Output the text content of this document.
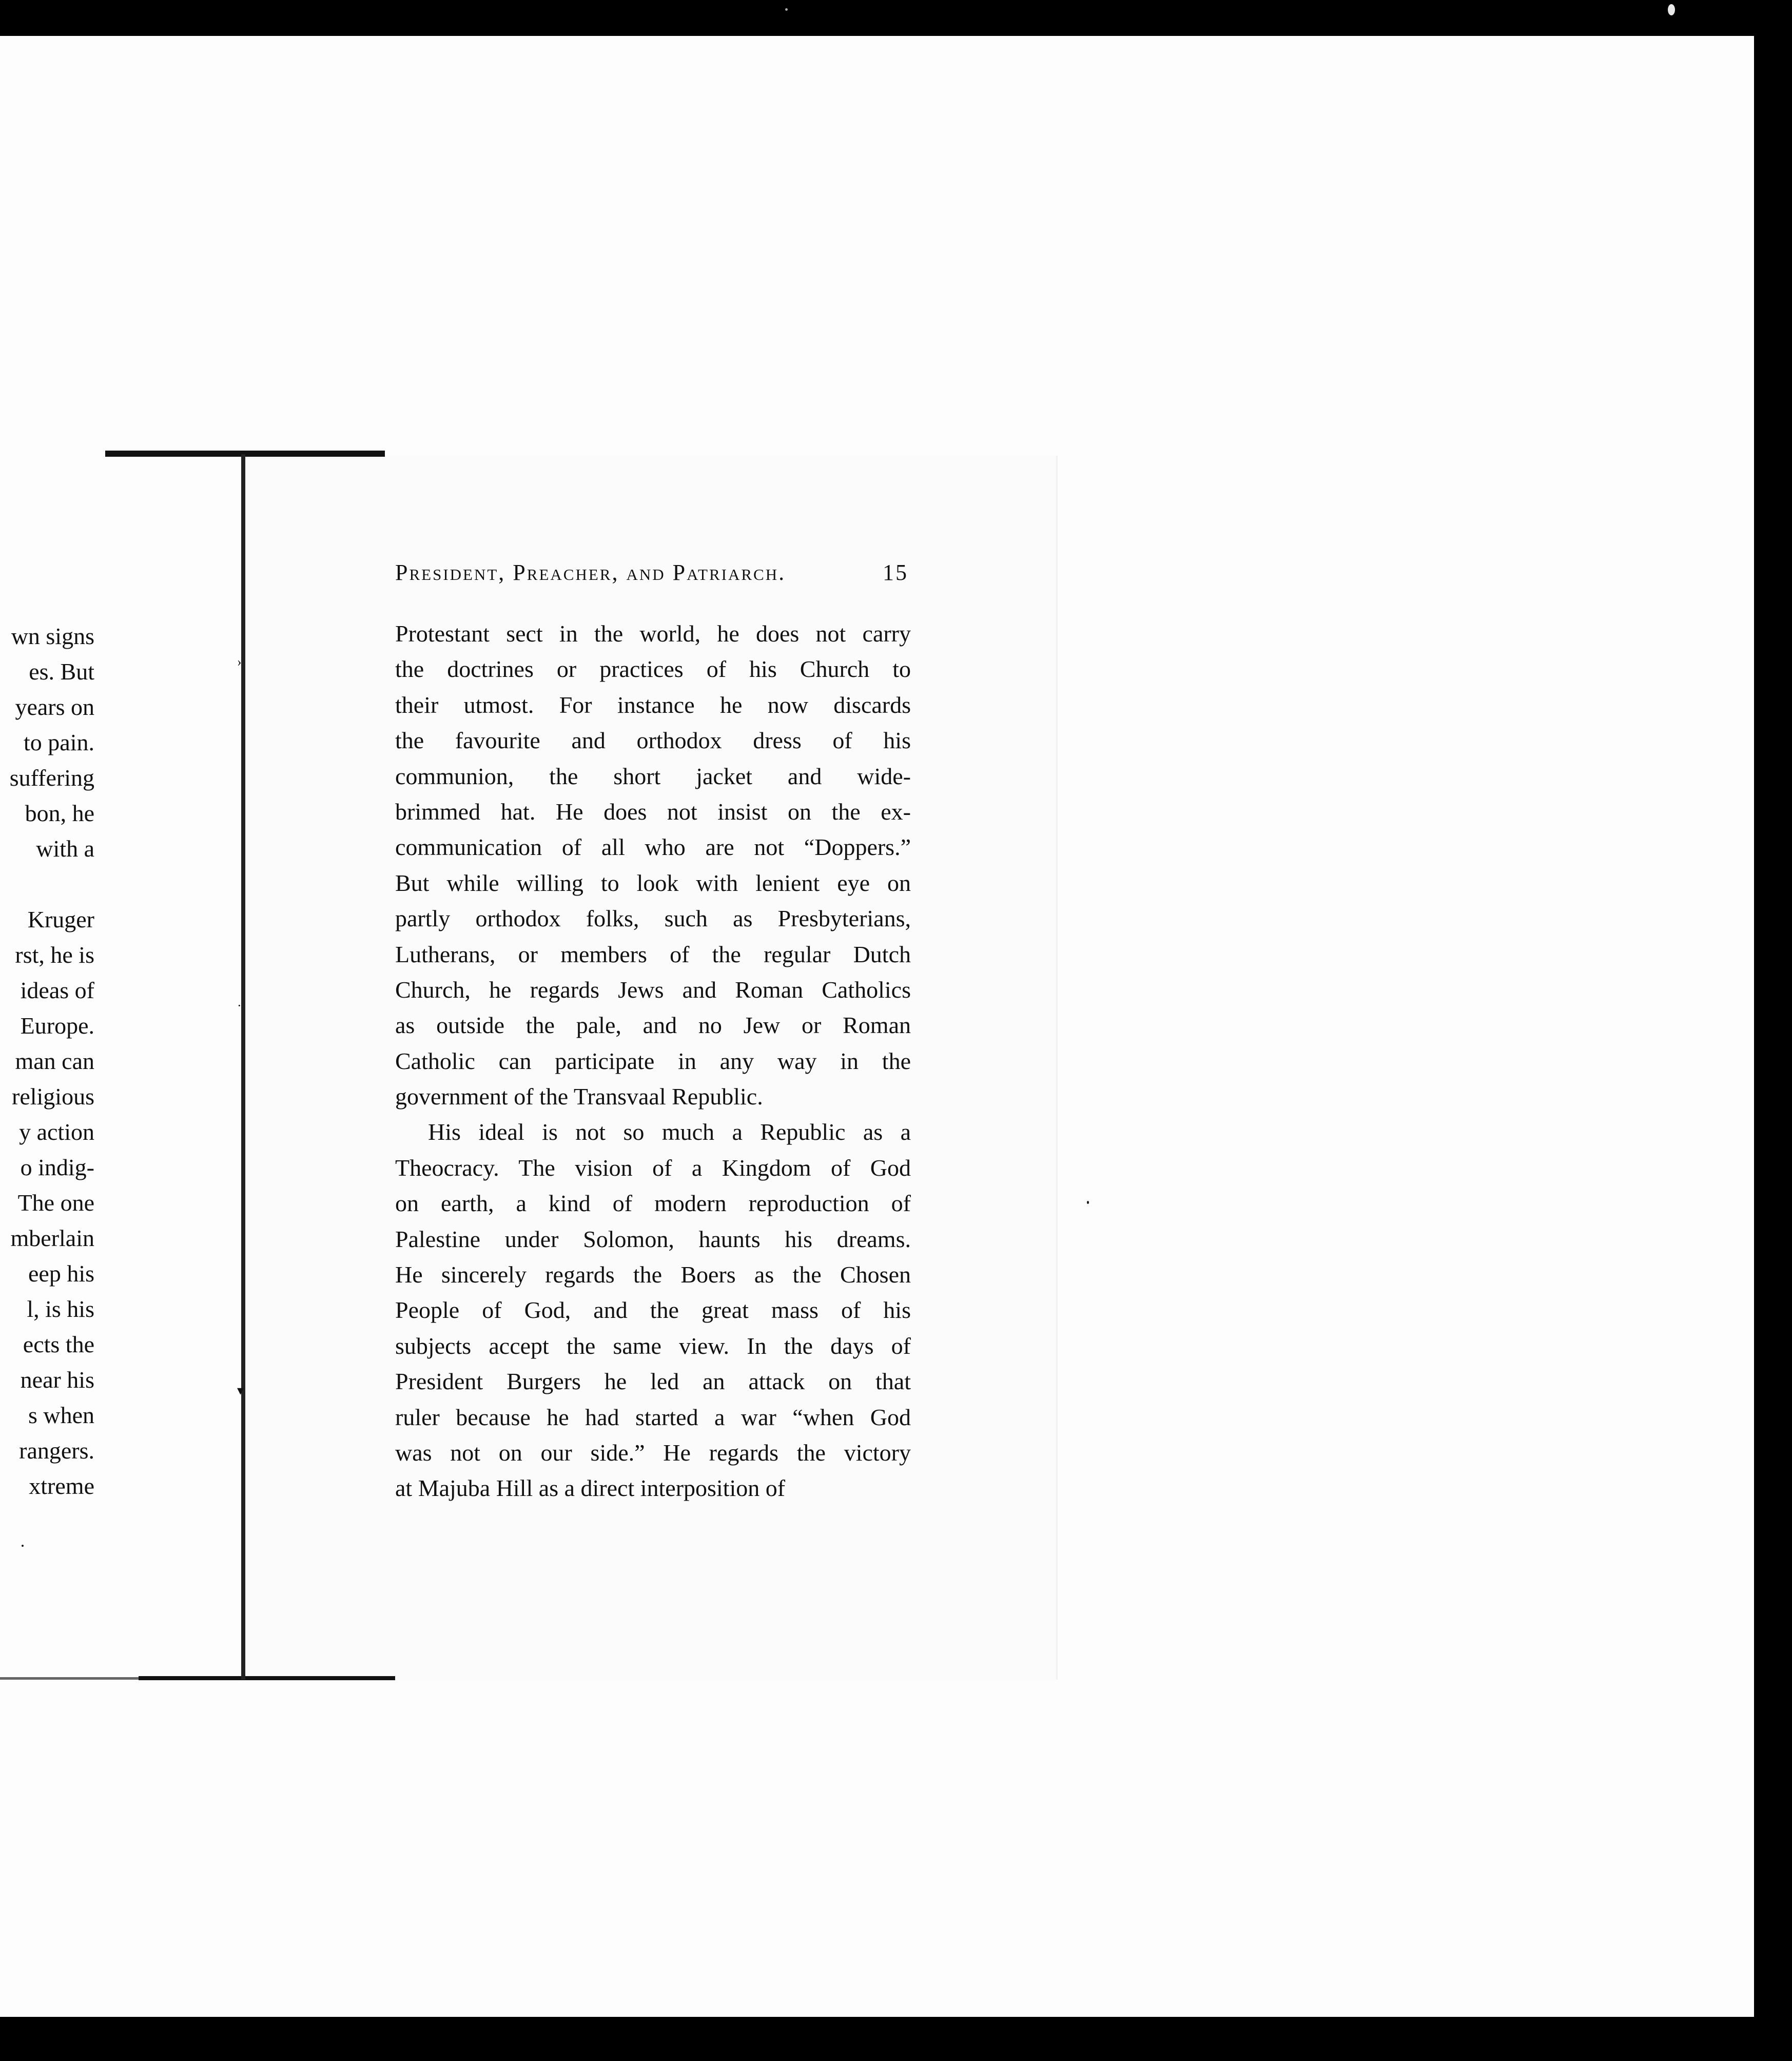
wn signs
es. But
years on
to pain.
suffering
bon, he
with a
Kruger
rst, he is
ideas of
Europe.
man can
religious
y action
o indig-
The one
mberlain
eep his
l, is his
ects the
near his
s when
rangers.
xtreme
›
·
▾
President, Preacher, and Patriarch.	15
Protestant sect in the world, he does not carry
the doctrines or practices of his Church to
their utmost. For instance he now discards
the favourite and orthodox dress of his
communion, the short jacket and wide-
brimmed hat. He does not insist on the ex-
communication of all who are not “Doppers.”
But while willing to look with lenient eye on
partly orthodox folks, such as Presbyterians,
Lutherans, or members of the regular Dutch
Church, he regards Jews and Roman Catholics
as outside the pale, and no Jew or Roman
Catholic can participate in any way in the
government of the Transvaal Republic.
His ideal is not so much a Republic as a
Theocracy. The vision of a Kingdom of God
on earth, a kind of modern reproduction of
Palestine under Solomon, haunts his dreams.
He sincerely regards the Boers as the Chosen
People of God, and the great mass of his
subjects accept the same view. In the days of
President Burgers he led an attack on that
ruler because he had started a war “when God
was not on our side.” He regards the victory
at Majuba Hill as a direct interposition of
